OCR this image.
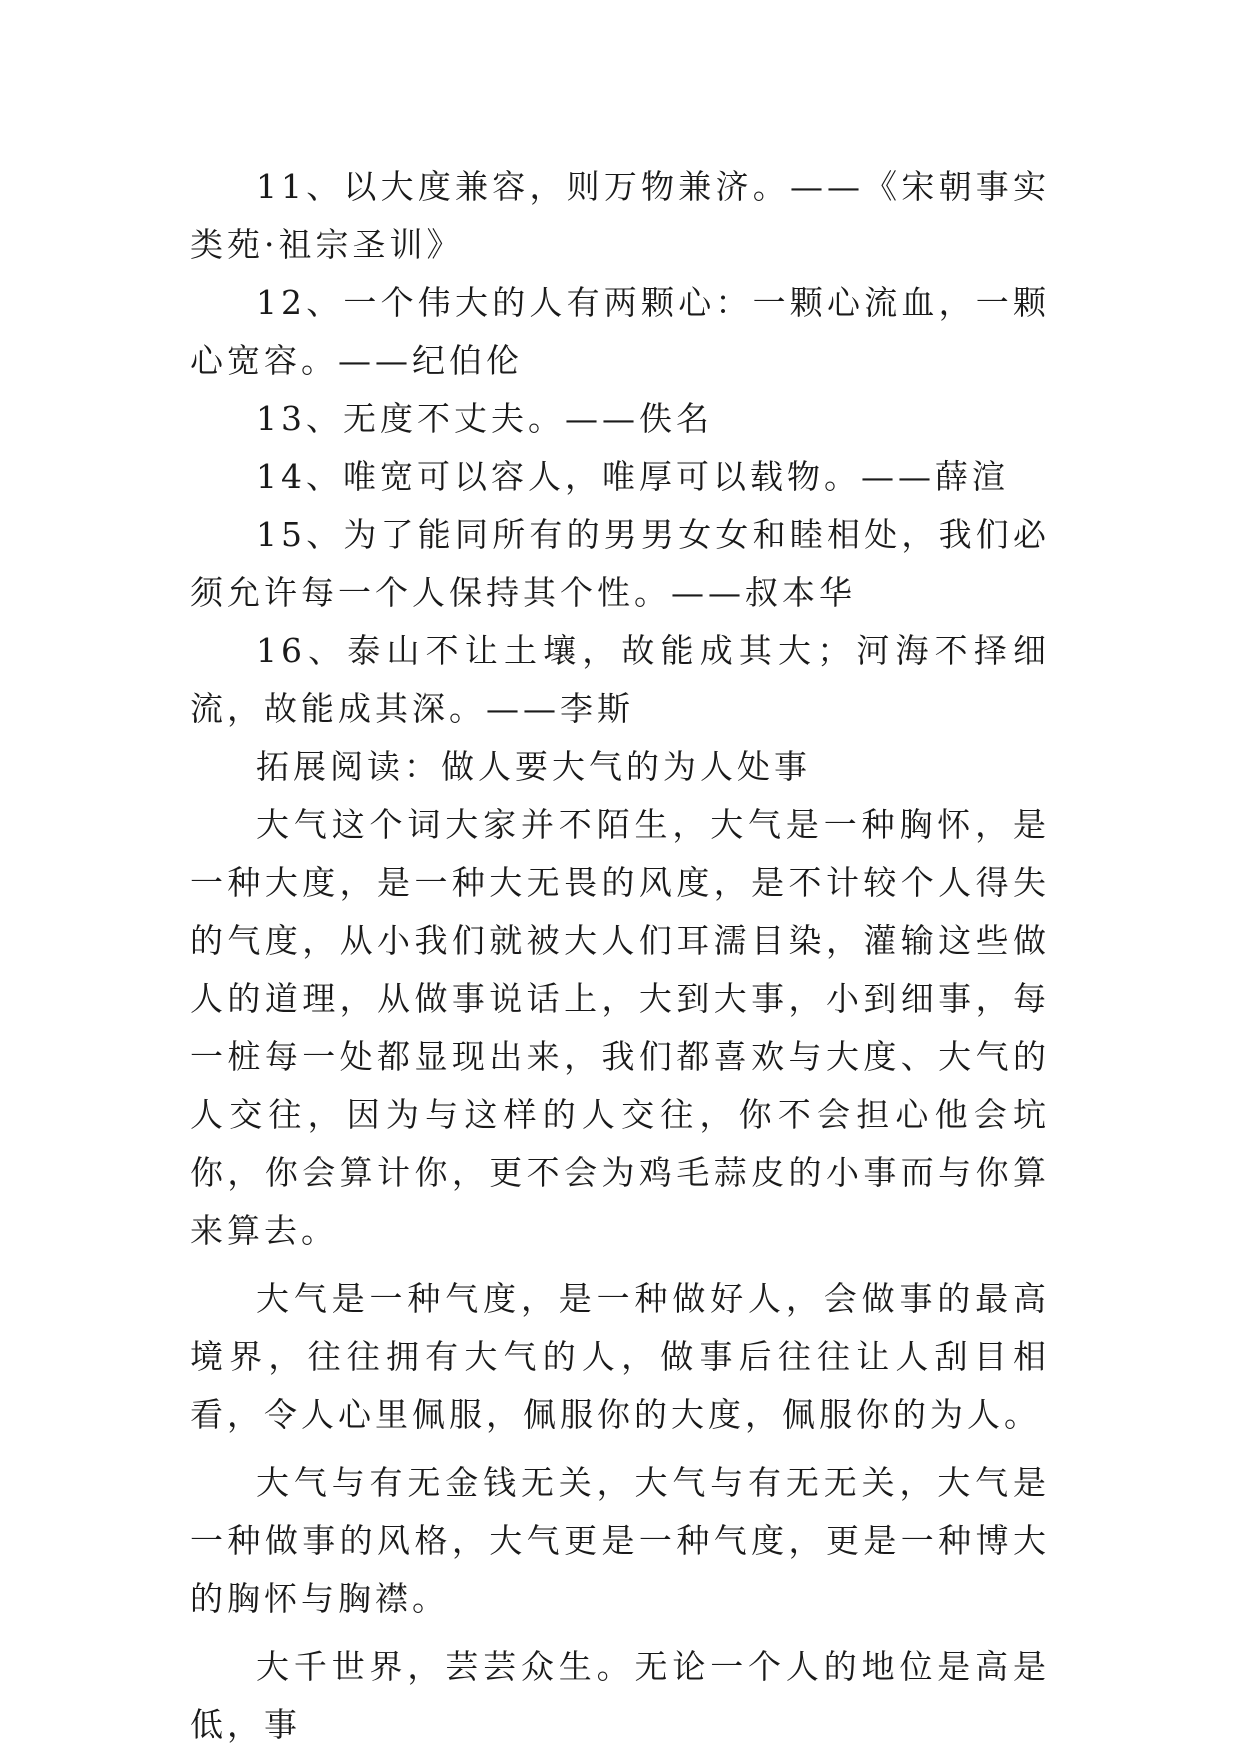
11、以大度兼容，则万物兼济。——《宋朝事实类苑·祖宗圣训》

12、一个伟大的人有两颗心：一颗心流血，一颗心宽容。——纪伯伦

13、无度不丈夫。——佚名

14、唯宽可以容人，唯厚可以载物。——薛渲

15、为了能同所有的男男女女和睦相处，我们必须允许每一个人保持其个性。——叔本华

16、泰山不让土壤，故能成其大；河海不择细流，故能成其深。——李斯

拓展阅读：做人要大气的为人处事

大气这个词大家并不陌生，大气是一种胸怀，是一种大度，是一种大无畏的风度，是不计较个人得失的气度，从小我们就被大人们耳濡目染，灌输这些做人的道理，从做事说话上，大到大事，小到细事，每一桩每一处都显现出来，我们都喜欢与大度、大气的人交往，因为与这样的人交往，你不会担心他会坑你，你会算计你，更不会为鸡毛蒜皮的小事而与你算来算去。

大气是一种气度，是一种做好人，会做事的最高境界，往往拥有大气的人，做事后往往让人刮目相看，令人心里佩服，佩服你的大度，佩服你的为人。

大气与有无金钱无关，大气与有无无关，大气是一种做事的风格，大气更是一种气度，更是一种博大的胸怀与胸襟。

大千世界，芸芸众生。无论一个人的地位是高是低，事
